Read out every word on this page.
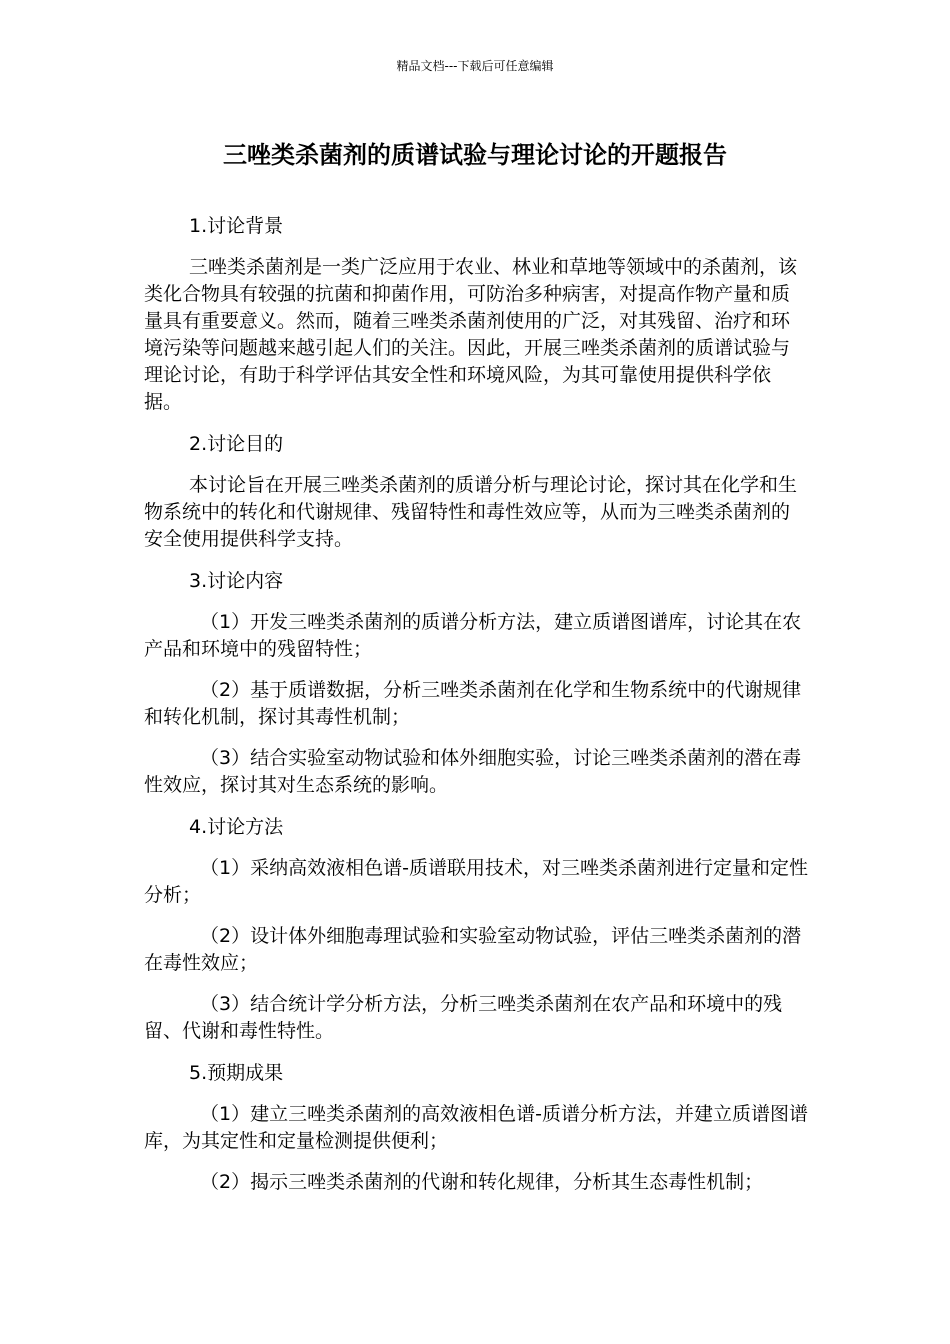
精品文档---下载后可任意编辑
三唑类杀菌剂的质谱试验与理论讨论的开题报告
1.讨论背景

三唑类杀菌剂是一类广泛应用于农业、林业和草地等领域中的杀菌剂，该类化合物具有较强的抗菌和抑菌作用，可防治多种病害，对提高作物产量和质量具有重要意义。然而，随着三唑类杀菌剂使用的广泛，对其残留、治疗和环境污染等问题越来越引起人们的关注。因此，开展三唑类杀菌剂的质谱试验与理论讨论，有助于科学评估其安全性和环境风险，为其可靠使用提供科学依据。

2.讨论目的

本讨论旨在开展三唑类杀菌剂的质谱分析与理论讨论，探讨其在化学和生物系统中的转化和代谢规律、残留特性和毒性效应等，从而为三唑类杀菌剂的安全使用提供科学支持。

3.讨论内容

（1）开发三唑类杀菌剂的质谱分析方法，建立质谱图谱库，讨论其在农产品和环境中的残留特性；

（2）基于质谱数据，分析三唑类杀菌剂在化学和生物系统中的代谢规律和转化机制，探讨其毒性机制；

（3）结合实验室动物试验和体外细胞实验，讨论三唑类杀菌剂的潜在毒性效应，探讨其对生态系统的影响。

4.讨论方法

（1）采纳高效液相色谱-质谱联用技术，对三唑类杀菌剂进行定量和定性分析；

（2）设计体外细胞毒理试验和实验室动物试验，评估三唑类杀菌剂的潜在毒性效应；

（3）结合统计学分析方法，分析三唑类杀菌剂在农产品和环境中的残留、代谢和毒性特性。

5.预期成果

（1）建立三唑类杀菌剂的高效液相色谱-质谱分析方法，并建立质谱图谱库，为其定性和定量检测提供便利；

（2）揭示三唑类杀菌剂的代谢和转化规律，分析其生态毒性机制；
